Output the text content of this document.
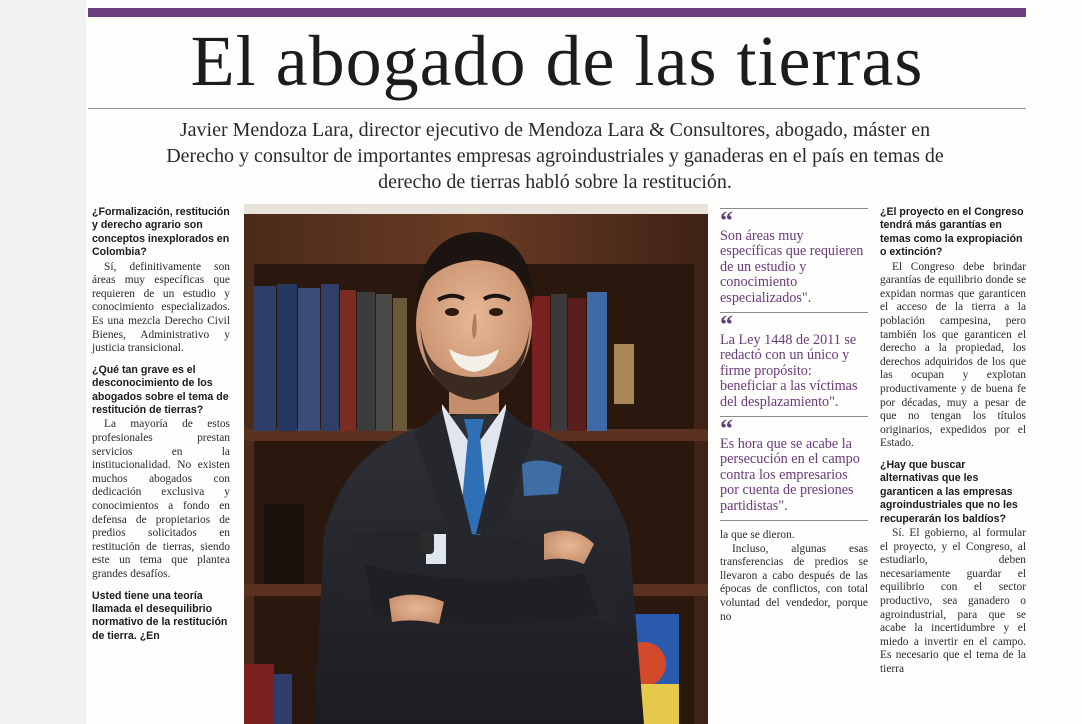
El abogado de las tierras
Javier Mendoza Lara, director ejecutivo de Mendoza Lara & Consultores, abogado, máster en Derecho y consultor de importantes empresas agroindustriales y ganaderas en el país en temas de derecho de tierras habló sobre la restitución.

¿Formalización, restitución y derecho agrario son conceptos inexplorados en Colombia?

Sí, definitivamente son áreas muy específicas que requieren de un estudio y conocimiento especializados. Es una mezcla Derecho Civil Bienes, Administrativo y justicia transicional.

¿Qué tan grave es el desconocimiento de los abogados sobre el tema de restitución de tierras?

La mayoría de estos profesionales prestan servicios en la institucionalidad. No existen muchos abogados con dedicación exclusiva y conocimientos a fondo en defensa de propietarios de predios solicitados en restitución de tierras, siendo este un tema que plantea grandes desafíos.

Usted tiene una teoría llamada el desequilibrio normativo de la restitución de tierra. ¿En

“
Son áreas muy específicas que requieren de un estudio y conocimiento especializados".
“
La Ley 1448 de 2011 se redactó con un único y firme propósito: beneficiar a las víctimas del desplazamiento".
“
Es hora que se acabe la persecución en el campo contra los empresarios por cuenta de presiones partidistas".

la que se dieron.

Incluso, algunas esas transferencias de predios se llevaron a cabo después de las épocas de conflictos, con total voluntad del vendedor, porque no

¿El proyecto en el Congreso tendrá más garantías en temas como la expropiación o extinción?

El Congreso debe brindar garantías de equilibrio donde se expidan normas que garanticen el acceso de la tierra a la población campesina, pero también los que garanticen el derecho a la propiedad, los derechos adquiridos de los que las ocupan y explotan productivamente y de buena fe por décadas, muy a pesar de que no tengan los títulos originarios, expedidos por el Estado.

¿Hay que buscar alternativas que les garanticen a las empresas agroindustriales que no les recuperarán los baldíos?

Sí. El gobierno, al formular el proyecto, y el Congreso, al estudiarlo, deben necesariamente guardar el equilibrio con el sector productivo, sea ganadero o agroindustrial, para que se acabe la incertidumbre y el miedo a invertir en el campo. Es necesario que el tema de la tierra
